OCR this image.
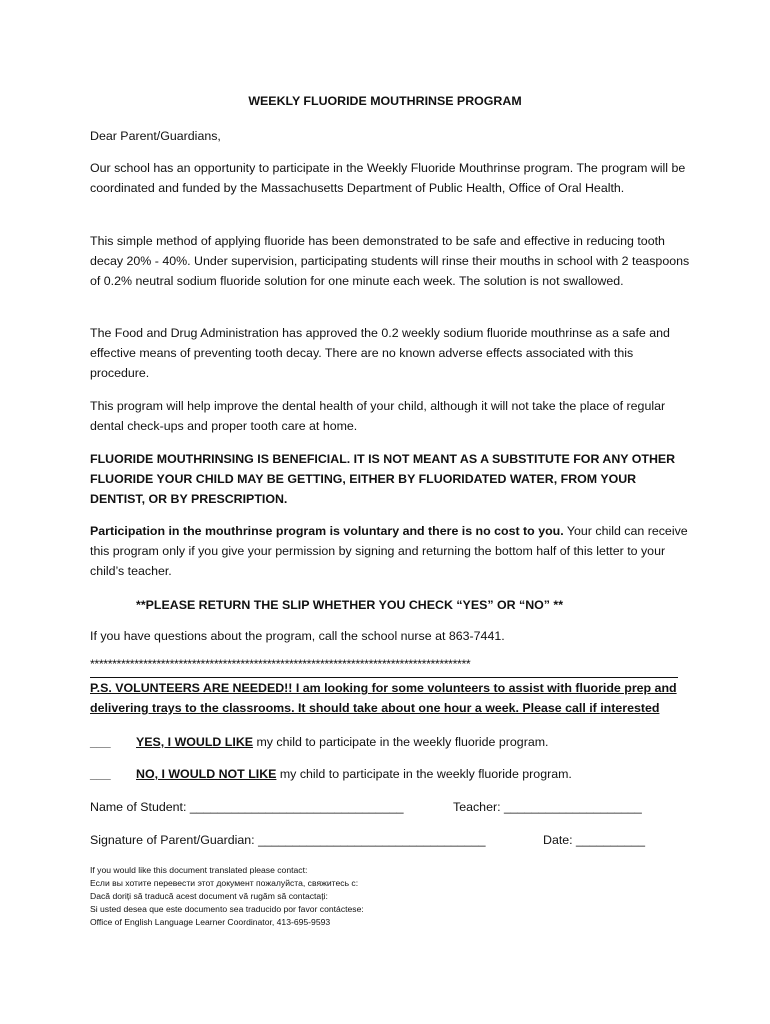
WEEKLY FLUORIDE MOUTHRINSE PROGRAM
Dear Parent/Guardians,
Our school has an opportunity to participate in the Weekly Fluoride Mouthrinse program. The program will be coordinated and funded by the Massachusetts Department of Public Health, Office of Oral Health.
This simple method of applying fluoride has been demonstrated to be safe and effective in reducing tooth decay 20% - 40%. Under supervision, participating students will rinse their mouths in school with 2 teaspoons of 0.2% neutral sodium fluoride solution for one minute each week. The solution is not swallowed.
The Food and Drug Administration has approved the 0.2 weekly sodium fluoride mouthrinse as a safe and effective means of preventing tooth decay. There are no known adverse effects associated with this procedure.
This program will help improve the dental health of your child, although it will not take the place of regular dental check-ups and proper tooth care at home.
FLUORIDE MOUTHRINSING IS BENEFICIAL. IT IS NOT MEANT AS A SUBSTITUTE FOR ANY OTHER FLUORIDE YOUR CHILD MAY BE GETTING, EITHER BY FLUORIDATED WATER, FROM YOUR DENTIST, OR BY PRESCRIPTION.
Participation in the mouthrinse program is voluntary and there is no cost to you. Your child can receive this program only if you give your permission by signing and returning the bottom half of this letter to your child’s teacher.
**PLEASE RETURN THE SLIP WHETHER YOU CHECK “YES” OR “NO” **
If you have questions about the program, call the school nurse at 863-7441.
**************************************************************************************
P.S. VOLUNTEERS ARE NEEDED!! I am looking for some volunteers to assist with fluoride prep and delivering trays to the classrooms. It should take about one hour a week. Please call if interested
___ YES, I WOULD LIKE my child to participate in the weekly fluoride program.
___ NO, I WOULD NOT LIKE my child to participate in the weekly fluoride program.
Name of Student: _______________________________	Teacher: ____________________
Signature of Parent/Guardian: _________________________________	Date: __________
If you would like this document translated please contact:
Если вы хотите перевести этот документ пожалуйста, свяжитесь с:
Dacă doriți să traducă acest document vă rugăm să contactați:
Si usted desea que este documento sea traducido por favor contáctese:
Office of English Language Learner Coordinator, 413-695-9593
